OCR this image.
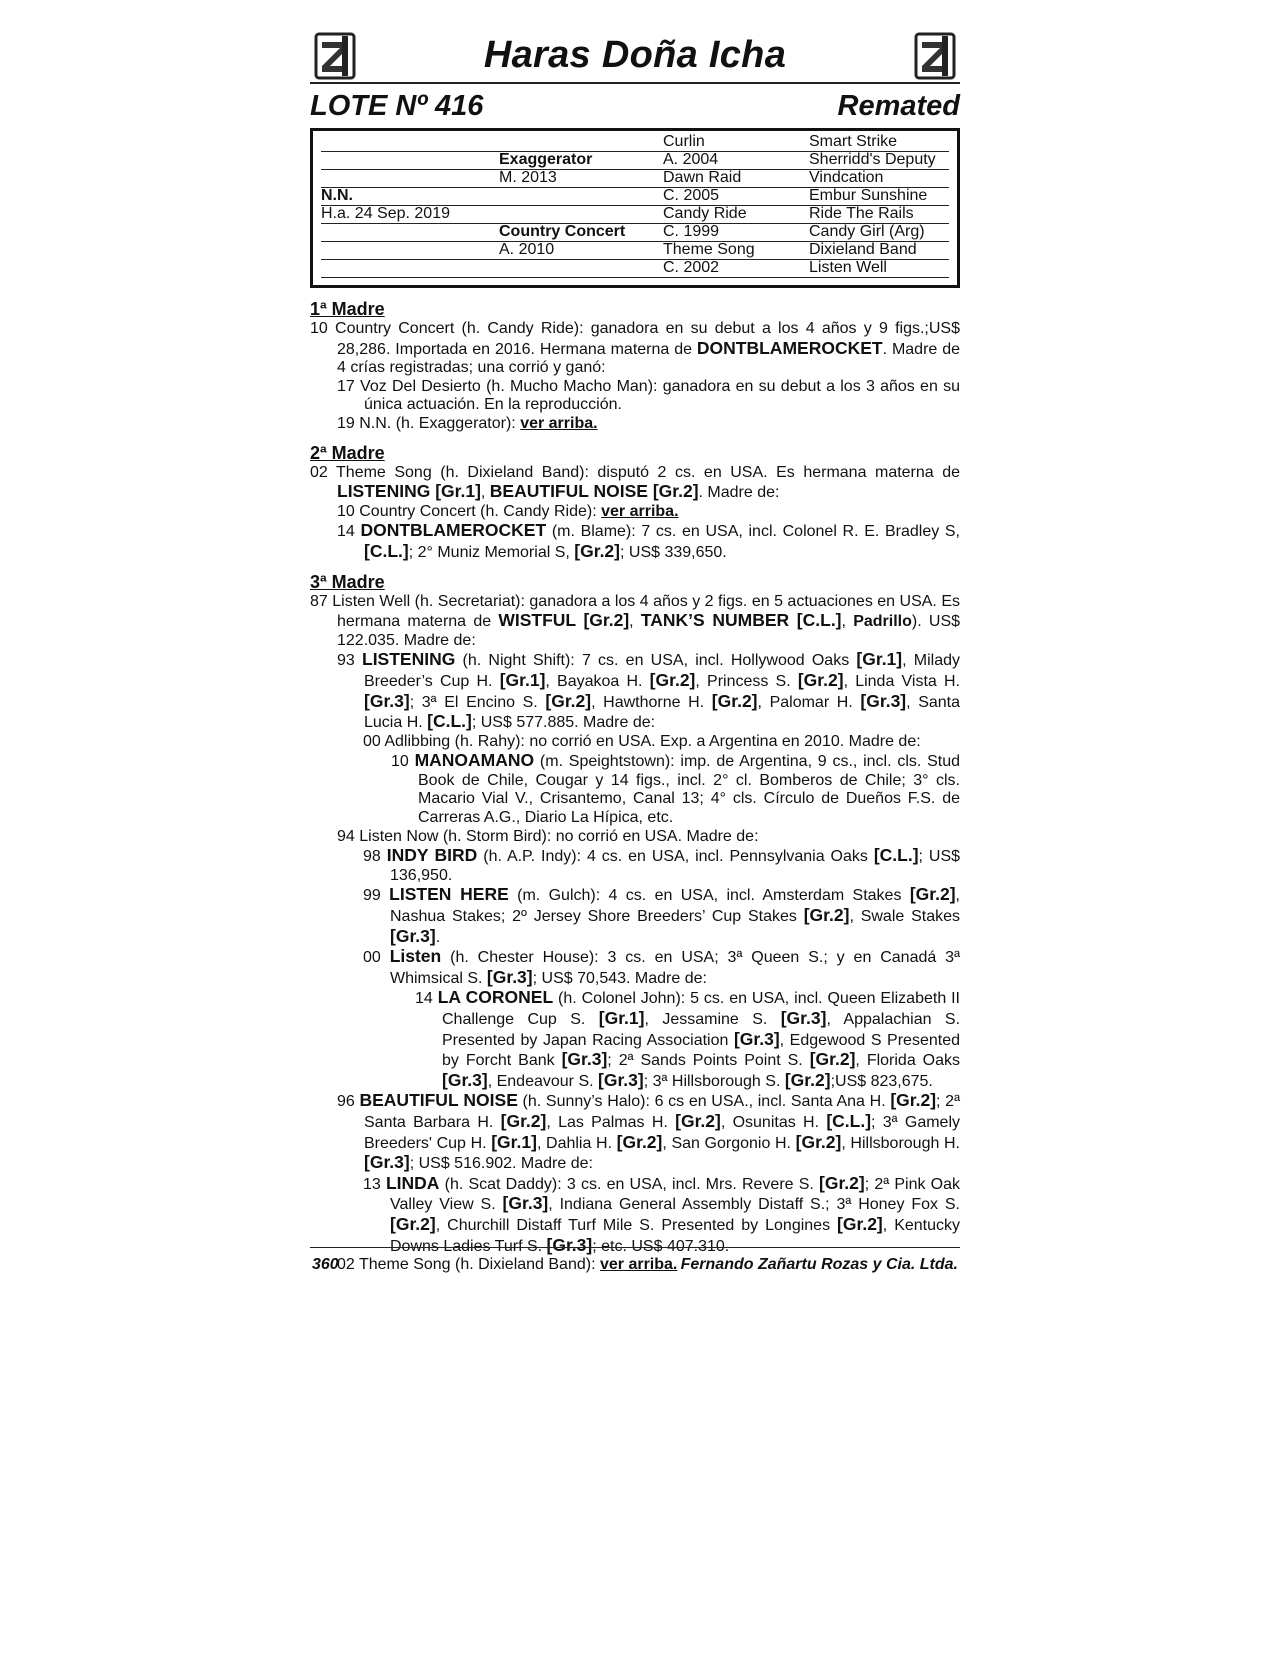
Haras Doña Icha
LOTE Nº 416	Remated
N.N.
H.a. 24 Sep. 2019
Exaggerator
M. 2013
Country Concert
A. 2010
Curlin
A. 2004
Dawn Raid
C. 2005
Candy Ride
C. 1999
Theme Song
C. 2002
Smart Strike
Sherridd's Deputy
Vindcation
Embur Sunshine
Ride The Rails
Candy Girl (Arg)
Dixieland Band
Listen Well
1ª Madre

10 Country Concert (h. Candy Ride): ganadora en su debut a los 4 años y 9 figs.;US$ 28,286. Importada en 2016. Hermana materna de DONTBLAMEROCKET. Madre de 4 crías registradas; una corrió y ganó:

17 Voz Del Desierto (h. Mucho Macho Man): ganadora en su debut a los 3 años en su única actuación. En la reproducción.

19 N.N. (h. Exaggerator): ver arriba.

2ª Madre

02 Theme Song (h. Dixieland Band): disputó 2 cs. en USA. Es hermana materna de LISTENING [Gr.1], BEAUTIFUL NOISE [Gr.2]. Madre de:

10 Country Concert (h. Candy Ride): ver arriba.

14 DONTBLAMEROCKET (m. Blame): 7 cs. en USA, incl. Colonel R. E. Bradley S, [C.L.]; 2° Muniz Memorial S, [Gr.2]; US$ 339,650.

3ª Madre

87 Listen Well (h. Secretariat): ganadora a los 4 años y 2 figs. en 5 actuaciones en USA. Es hermana materna de WISTFUL [Gr.2], TANK’S NUMBER [C.L.], Padrillo). US$ 122.035. Madre de:

93 LISTENING (h. Night Shift): 7 cs. en USA, incl. Hollywood Oaks [Gr.1], Milady Breeder’s Cup H. [Gr.1], Bayakoa H. [Gr.2], Princess S. [Gr.2], Linda Vista H. [Gr.3]; 3ª El Encino S. [Gr.2], Hawthorne H. [Gr.2], Palomar H. [Gr.3], Santa Lucia H. [C.L.]; US$ 577.885. Madre de:

00 Adlibbing (h. Rahy): no corrió en USA. Exp. a Argentina en 2010. Madre de:

10 MANOAMANO (m. Speightstown): imp. de Argentina, 9 cs., incl. cls. Stud Book de Chile, Cougar y 14 figs., incl. 2° cl. Bomberos de Chile; 3° cls. Macario Vial V., Crisantemo, Canal 13; 4° cls. Círculo de Dueños F.S. de Carreras A.G., Diario La Hípica, etc.

94 Listen Now (h. Storm Bird): no corrió en USA. Madre de:

98 INDY BIRD (h. A.P. Indy): 4 cs. en USA, incl. Pennsylvania Oaks [C.L.]; US$ 136,950.

99 LISTEN HERE (m. Gulch): 4 cs. en USA, incl. Amsterdam Stakes [Gr.2], Nashua Stakes; 2º Jersey Shore Breeders’ Cup Stakes [Gr.2], Swale Stakes [Gr.3].

00 Listen (h. Chester House): 3 cs. en USA; 3ª Queen S.; y en Canadá 3ª Whimsical S. [Gr.3]; US$ 70,543. Madre de:

14 LA CORONEL (h. Colonel John): 5 cs. en USA, incl. Queen Elizabeth II Challenge Cup S. [Gr.1], Jessamine S. [Gr.3], Appalachian S. Presented by Japan Racing Association [Gr.3], Edgewood S Presented by Forcht Bank [Gr.3]; 2ª Sands Points Point S. [Gr.2], Florida Oaks [Gr.3], Endeavour S. [Gr.3]; 3ª Hillsborough S. [Gr.2];US$ 823,675.

96 BEAUTIFUL NOISE (h. Sunny’s Halo): 6 cs en USA., incl. Santa Ana H. [Gr.2]; 2ª Santa Barbara H. [Gr.2], Las Palmas H. [Gr.2], Osunitas H. [C.L.]; 3ª Gamely Breeders' Cup H. [Gr.1], Dahlia H. [Gr.2], San Gorgonio H. [Gr.2], Hillsborough H. [Gr.3]; US$ 516.902. Madre de:

13 LINDA (h. Scat Daddy): 3 cs. en USA, incl. Mrs. Revere S. [Gr.2]; 2ª Pink Oak Valley View S. [Gr.3], Indiana General Assembly Distaff S.; 3ª Honey Fox S. [Gr.2], Churchill Distaff Turf Mile S. Presented by Longines [Gr.2], Kentucky Downs Ladies Turf S. [Gr.3]; etc. US$ 407.310.

02 Theme Song (h. Dixieland Band): ver arriba.

360	Fernando Zañartu Rozas y Cia. Ltda.
